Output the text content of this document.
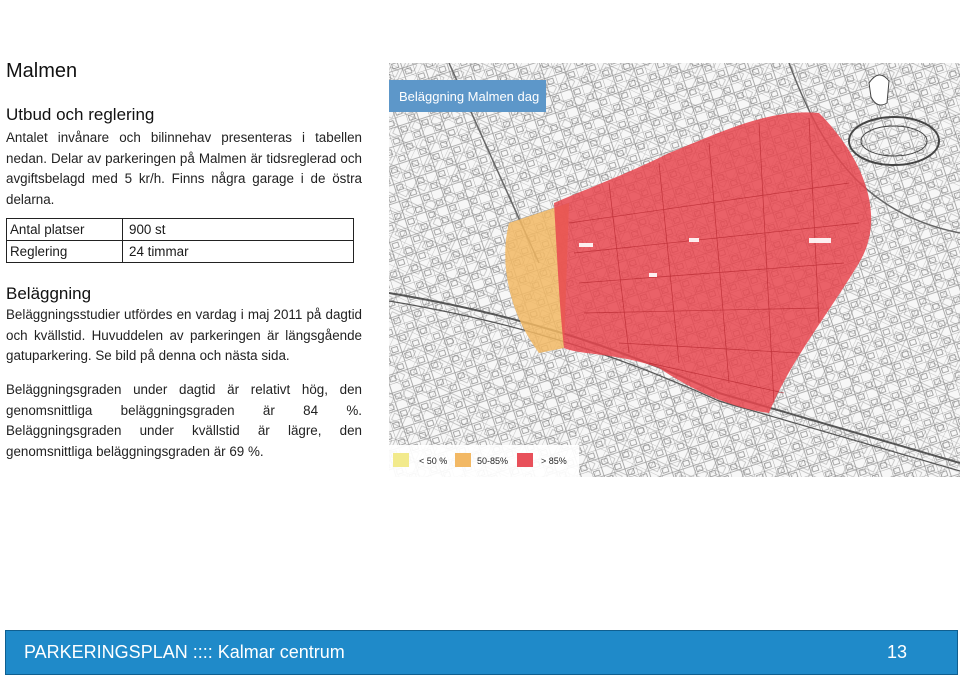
Malmen
Utbud och reglering

Antalet invånare och bilinnehav presenteras i tabellen nedan. Delar av parkeringen på Malmen är tidsreglerad och avgiftsbelagd med 5 kr/h. Finns några garage i de östra delarna.

Antal platser	900 st
Reglering	24 timmar
Beläggning

Beläggningsstudier utfördes en vardag i maj 2011 på dagtid och kvällstid. Huvuddelen av parkeringen är längsgående gatuparkering. Se bild på denna och nästa sida.

Beläggningsgraden under dagtid är relativt hög, den genomsnittliga beläggningsgraden är 84 %. Beläggningsgraden under kvällstid är lägre, den genomsnittliga beläggningsgraden är 69 %.

Beläggning Malmen dag
< 50 %	50-85%	> 85%
PARKERINGSPLAN :::: Kalmar centrum	13
